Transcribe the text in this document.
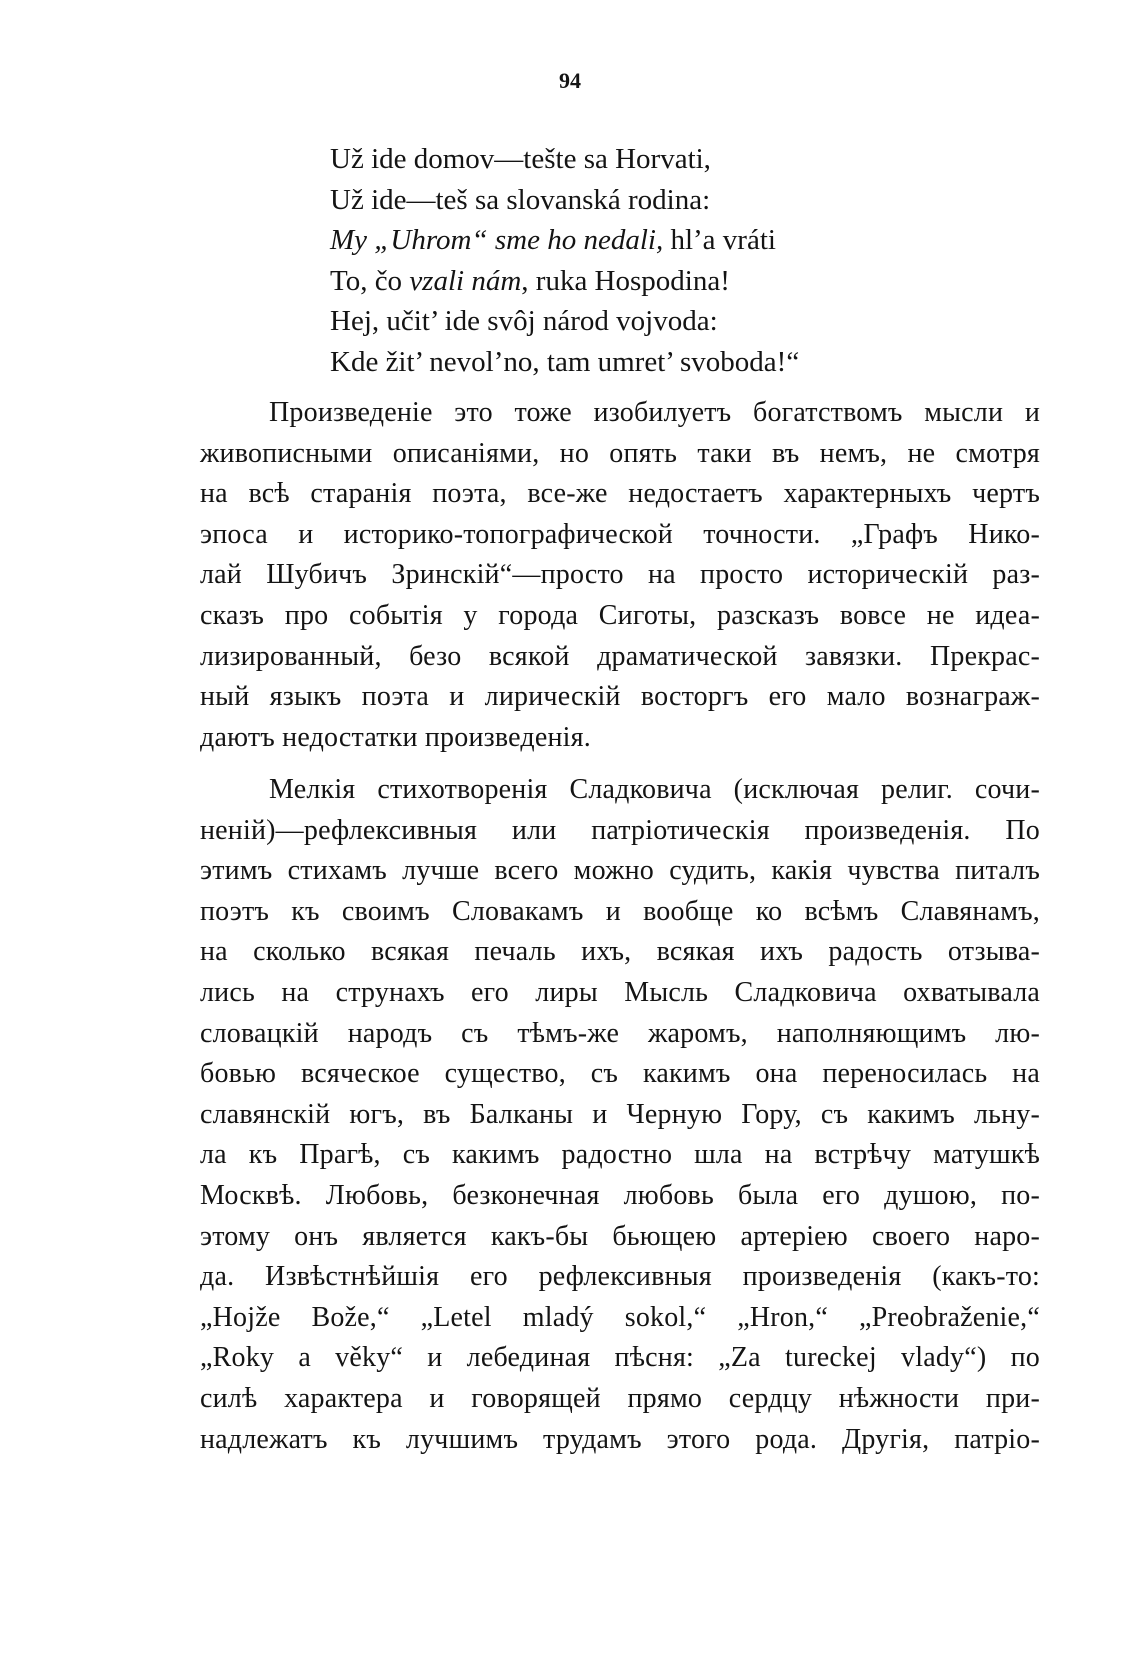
94
Už ide domov—tešte sa Horvati,
Už ide—teš sa slovanská rodina:
My „Uhrom“ sme ho nedali, hl’a vráti
To, čo vzali nám, ruka Hospodina!
Hej, učit’ ide svôj národ vojvoda:
Kde žit’ nevol’no, tam umret’ svoboda!“
Произведеніе это тоже изобилуетъ богатствомъ мысли и
живописными описаніями, но опять таки въ немъ, не смотря
на всѣ старанія поэта, все-же недостаетъ характерныхъ чертъ
эпоса и историко-топографической точности. „Графъ Нико-
лай Шубичъ Зринскій“—просто на просто историческій раз-
сказъ про событія у города Сиготы, разсказъ вовсе не идеа-
лизированный, безо всякой драматической завязки. Прекрас-
ный языкъ поэта и лирическій восторгъ его мало вознаграж-
даютъ недостатки произведенія.
Мелкія стихотворенія Сладковича (исключая религ. сочи-
неній)—рефлексивныя или патріотическія произведенія. По
этимъ стихамъ лучше всего можно судить, какія чувства питалъ
поэтъ къ своимъ Словакамъ и вообще ко всѣмъ Славянамъ,
на сколько всякая печаль ихъ, всякая ихъ радость отзыва-
лись на струнахъ его лиры Мысль Сладковича охватывала
словацкій народъ съ тѣмъ-же жаромъ, наполняющимъ лю-
бовью всяческое существо, съ какимъ она переносилась на
славянскій югъ, въ Балканы и Черную Гору, съ какимъ льну-
ла къ Прагѣ, съ какимъ радостно шла на встрѣчу матушкѣ
Москвѣ. Любовь, безконечная любовь была его душою, по-
этому онъ является какъ-бы бьющею артеріею своего наро-
да. Извѣстнѣйшія его рефлексивныя произведенія (какъ-то:
„Hojže Bože,“ „Letel mladý sokol,“ „Hron,“ „Preobraženie,“
„Roky a věky“ и лебединая пѣсня: „Za tureckej vlady“) по
силѣ характера и говорящей прямо сердцу нѣжности при-
надлежатъ къ лучшимъ трудамъ этого рода. Другія, патріо-
